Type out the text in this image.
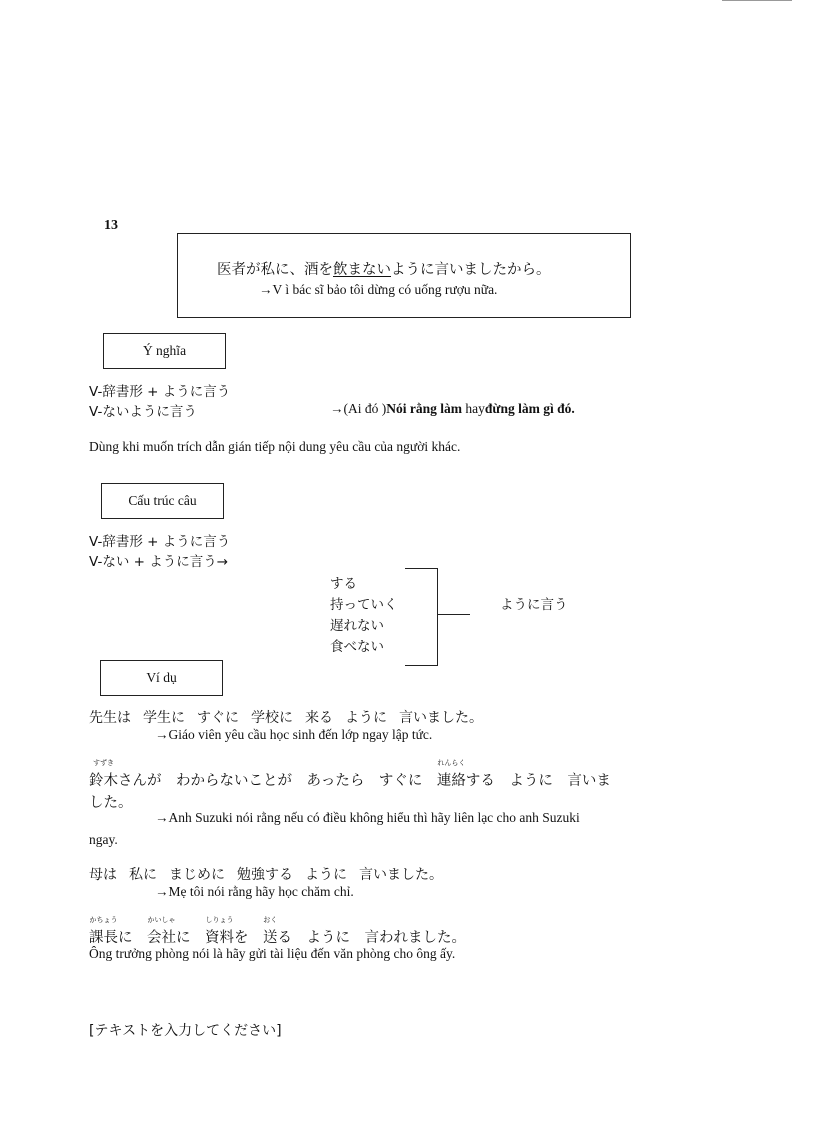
13
医者が私に、酒を飲まないように言いましたから。
→V ì bác sĩ bảo tôi dừng có uống rượu nữa.
Ý nghĩa
V-辞書形 + ように言う
V-ないように言う	→(Ai đó )Nói rằng làm hayđừng làm gì đó.
Dùng khi muốn trích dẫn gián tiếp nội dung yêu cầu của người khác.
Cấu trúc câu
V-辞書形 + ように言う
V-ない + ように言う→
する
持っていく
遅れない
食べない
ように言う
Ví dụ
先生は 学生に すぐに 学校に 来る ように 言いました。
→Giáo viên yêu cầu học sinh đến lớp ngay lập tức.
すずき
鈴木さんが　わからないことが　あったら　すぐに　
れんらく
連絡する　ように　言いま
した。
→Anh Suzuki nói rằng nếu có điều không hiểu thì hãy liên lạc cho anh Suzuki
ngay.
母は 私に まじめに 勉強する ように 言いました。
→Mẹ tôi nói rằng hãy học chăm chỉ.
かちょう
課長に　
かいしゃ
会社に　
しりょう
資料を　
おく
送る　ように　言われました。
Ông trưởng phòng nói là hãy gửi tài liệu đến văn phòng cho ông ấy.
[テキストを入力してください]
